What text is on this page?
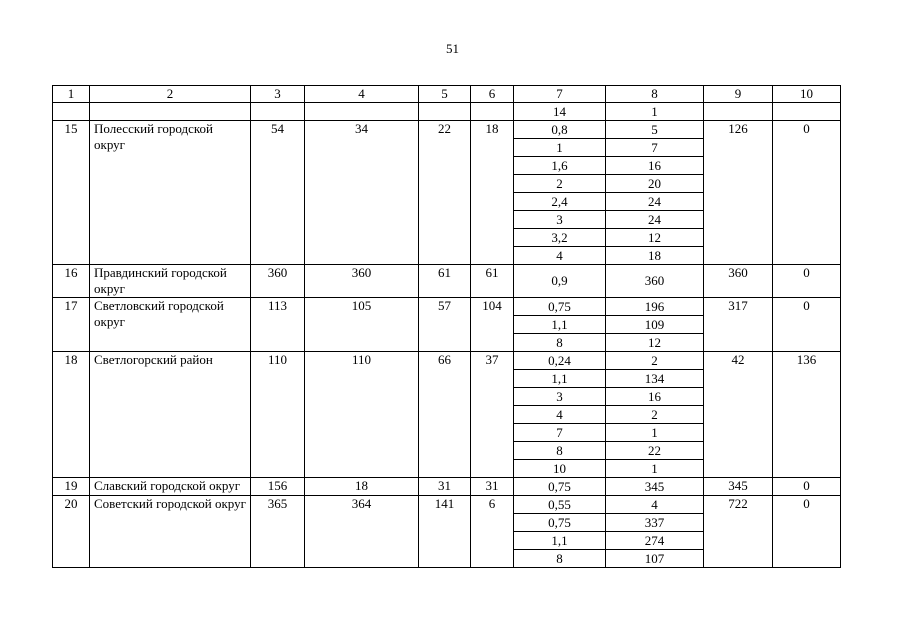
51
1	2	3	4	5	6	7	8	9	10
						14	1		
15	Полесский городской округ	54	34	22	18	0,8	5	126	0
						1	7		
						1,6	16		
						2	20		
						2,4	24		
						3	24		
						3,2	12		
						4	18		
16	Правдинский городской округ	360	360	61	61	0,9	360	360	0
17	Светловский городской округ	113	105	57	104	0,75	196	317	0
						1,1	109		
						8	12		
18	Светлогорский район	110	110	66	37	0,24	2	42	136
						1,1	134		
						3	16		
						4	2		
						7	1		
						8	22		
						10	1		
19	Славский городской округ	156	18	31	31	0,75	345	345	0
20	Советский городской округ	365	364	141	6	0,55	4	722	0
						0,75	337		
						1,1	274		
						8	107		
